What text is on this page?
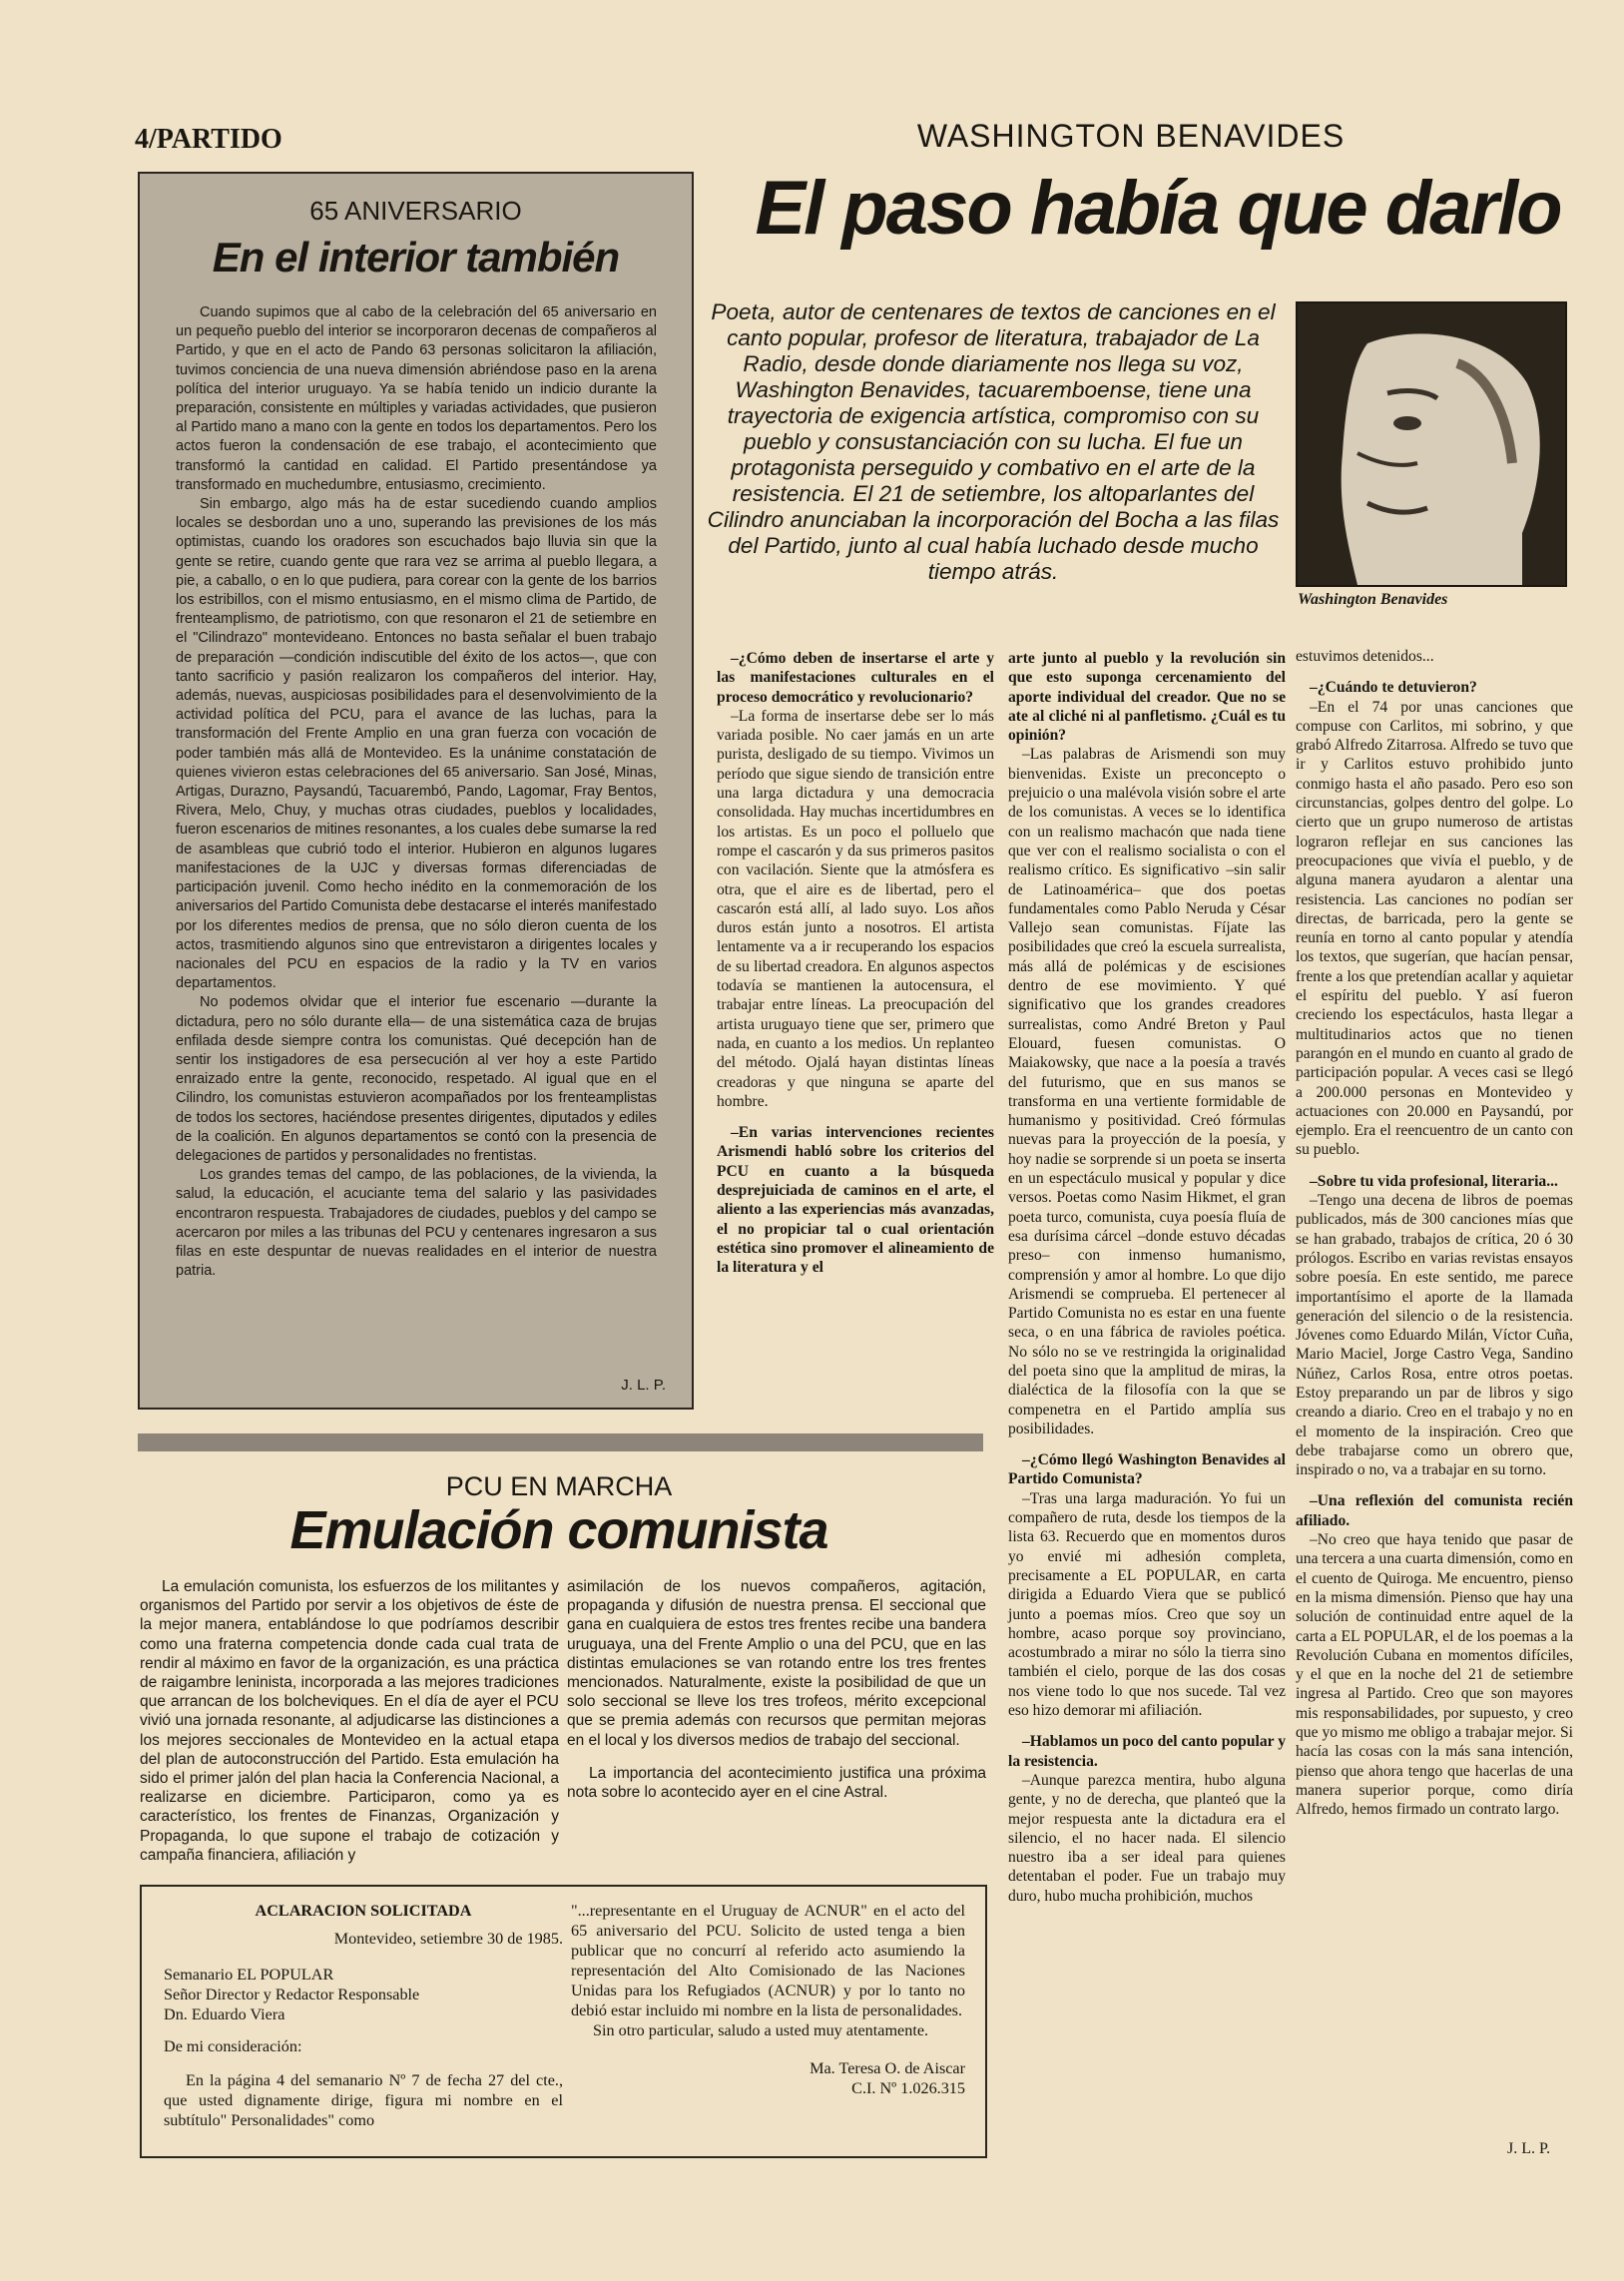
4/PARTIDO	WASHINGTON BENAVIDES
El paso había que darlo
Poeta, autor de centenares de textos de canciones en el canto popular, profesor de literatura, trabajador de La Radio, desde donde diariamente nos llega su voz, Washington Benavides, tacuaremboense, tiene una trayectoria de exigencia artística, compromiso con su pueblo y consustanciación con su lucha. El fue un protagonista perseguido y combativo en el arte de la resistencia. El 21 de setiembre, los altoparlantes del Cilindro anunciaban la incorporación del Bocha a las filas del Partido, junto al cual había luchado desde mucho tiempo atrás.
Washington Benavides
65 ANIVERSARIO
En el interior también

Cuando supimos que al cabo de la celebración del 65 aniversario en un pequeño pueblo del interior se incorporaron decenas de compañeros al Partido, y que en el acto de Pando 63 personas solicitaron la afiliación, tuvimos conciencia de una nueva dimensión abriéndose paso en la arena política del interior uruguayo. Ya se había tenido un indicio durante la preparación, consistente en múltiples y variadas actividades, que pusieron al Partido mano a mano con la gente en todos los departamentos. Pero los actos fueron la condensación de ese trabajo, el acontecimiento que transformó la cantidad en calidad. El Partido presentándose ya transformado en muchedumbre, entusiasmo, crecimiento.

Sin embargo, algo más ha de estar sucediendo cuando amplios locales se desbordan uno a uno, superando las previsiones de los más optimistas, cuando los oradores son escuchados bajo lluvia sin que la gente se retire, cuando gente que rara vez se arrima al pueblo llegara, a pie, a caballo, o en lo que pudiera, para corear con la gente de los barrios los estribillos, con el mismo entusiasmo, en el mismo clima de Partido, de frenteamplismo, de patriotismo, con que resonaron el 21 de setiembre en el "Cilindrazo" montevideano. Entonces no basta señalar el buen trabajo de preparación —condición indiscutible del éxito de los actos—, que con tanto sacrificio y pasión realizaron los compañeros del interior. Hay, además, nuevas, auspiciosas posibilidades para el desenvolvimiento de la actividad política del PCU, para el avance de las luchas, para la transformación del Frente Amplio en una gran fuerza con vocación de poder también más allá de Montevideo. Es la unánime constatación de quienes vivieron estas celebraciones del 65 aniversario. San José, Minas, Artigas, Durazno, Paysandú, Tacuarembó, Pando, Lagomar, Fray Bentos, Rivera, Melo, Chuy, y muchas otras ciudades, pueblos y localidades, fueron escenarios de mitines resonantes, a los cuales debe sumarse la red de asambleas que cubrió todo el interior. Hubieron en algunos lugares manifestaciones de la UJC y diversas formas diferenciadas de participación juvenil. Como hecho inédito en la conmemoración de los aniversarios del Partido Comunista debe destacarse el interés manifestado por los diferentes medios de prensa, que no sólo dieron cuenta de los actos, trasmitiendo algunos sino que entrevistaron a dirigentes locales y nacionales del PCU en espacios de la radio y la TV en varios departamentos.

No podemos olvidar que el interior fue escenario —durante la dictadura, pero no sólo durante ella— de una sistemática caza de brujas enfilada desde siempre contra los comunistas. Qué decepción han de sentir los instigadores de esa persecución al ver hoy a este Partido enraizado entre la gente, reconocido, respetado. Al igual que en el Cilindro, los comunistas estuvieron acompañados por los frenteamplistas de todos los sectores, haciéndose presentes dirigentes, diputados y ediles de la coalición. En algunos departamentos se contó con la presencia de delegaciones de partidos y personalidades no frentistas.

Los grandes temas del campo, de las poblaciones, de la vivienda, la salud, la educación, el acuciante tema del salario y las pasividades encontraron respuesta. Trabajadores de ciudades, pueblos y del campo se acercaron por miles a las tribunas del PCU y centenares ingresaron a sus filas en este despuntar de nuevas realidades en el interior de nuestra patria.

J. L. P.
PCU EN MARCHA
Emulación comunista

La emulación comunista, los esfuerzos de los militantes y organismos del Partido por servir a los objetivos de éste de la mejor manera, entablándose lo que podríamos describir como una fraterna competencia donde cada cual trata de rendir al máximo en favor de la organización, es una práctica de raigambre leninista, incorporada a las mejores tradiciones que arrancan de los bolcheviques. En el día de ayer el PCU vivió una jornada resonante, al adjudicarse las distinciones a los mejores seccionales de Montevideo en la actual etapa del plan de autoconstrucción del Partido. Esta emulación ha sido el primer jalón del plan hacia la Conferencia Nacional, a realizarse en diciembre. Participaron, como ya es característico, los frentes de Finanzas, Organización y Propaganda, lo que supone el trabajo de cotización y campaña financiera, afiliación y

asimilación de los nuevos compañeros, agitación, propaganda y difusión de nuestra prensa. El seccional que gana en cualquiera de estos tres frentes recibe una bandera uruguaya, una del Frente Amplio o una del PCU, que en las distintas emulaciones se van rotando entre los tres frentes mencionados. Naturalmente, existe la posibilidad de que un solo seccional se lleve los tres trofeos, mérito excepcional que se premia además con recursos que permitan mejoras en el local y los diversos medios de trabajo del seccional.

La importancia del acontecimiento justifica una próxima nota sobre lo acontecido ayer en el cine Astral.

ACLARACION SOLICITADA

Montevideo, setiembre 30 de 1985.

Semanario EL POPULAR

Señor Director y Redactor Responsable

Dn. Eduardo Viera

De mi consideración:

En la página 4 del semanario Nº 7 de fecha 27 del cte., que usted dignamente dirige, figura mi nombre en el subtítulo" Personalidades" como

"...representante en el Uruguay de ACNUR" en el acto del 65 aniversario del PCU. Solicito de usted tenga a bien publicar que no concurrí al referido acto asumiendo la representación del Alto Comisionado de las Naciones Unidas para los Refugiados (ACNUR) y por lo tanto no debió estar incluido mi nombre en la lista de personalidades.

Sin otro particular, saludo a usted muy atentamente.

Ma. Teresa O. de Aiscar

C.I. Nº 1.026.315

–¿Cómo deben de insertarse el arte y las manifestaciones culturales en el proceso democrático y revolucionario?

–La forma de insertarse debe ser lo más variada posible. No caer jamás en un arte purista, desligado de su tiempo. Vivimos un período que sigue siendo de transición entre una larga dictadura y una democracia consolidada. Hay muchas incertidumbres en los artistas. Es un poco el polluelo que rompe el cascarón y da sus primeros pasitos con vacilación. Siente que la atmósfera es otra, que el aire es de libertad, pero el cascarón está allí, al lado suyo. Los años duros están junto a nosotros. El artista lentamente va a ir recuperando los espacios de su libertad creadora. En algunos aspectos todavía se mantienen la autocensura, el trabajar entre líneas. La preocupación del artista uruguayo tiene que ser, primero que nada, en cuanto a los medios. Un replanteo del método. Ojalá hayan distintas líneas creadoras y que ninguna se aparte del hombre.

–En varias intervenciones recientes Arismendi habló sobre los criterios del PCU en cuanto a la búsqueda desprejuiciada de caminos en el arte, el aliento a las experiencias más avanzadas, el no propiciar tal o cual orientación estética sino promover el alineamiento de la literatura y el

arte junto al pueblo y la revolución sin que esto suponga cercenamiento del aporte individual del creador. Que no se ate al cliché ni al panfletismo. ¿Cuál es tu opinión?

–Las palabras de Arismendi son muy bienvenidas. Existe un preconcepto o prejuicio o una malévola visión sobre el arte de los comunistas. A veces se lo identifica con un realismo machacón que nada tiene que ver con el realismo socialista o con el realismo crítico. Es significativo –sin salir de Latinoamérica– que dos poetas fundamentales como Pablo Neruda y César Vallejo sean comunistas. Fíjate las posibilidades que creó la escuela surrealista, más allá de polémicas y de escisiones dentro de ese movimiento. Y qué significativo que los grandes creadores surrealistas, como André Breton y Paul Elouard, fuesen comunistas. O Maiakowsky, que nace a la poesía a través del futurismo, que en sus manos se transforma en una vertiente formidable de humanismo y positividad. Creó fórmulas nuevas para la proyección de la poesía, y hoy nadie se sorprende si un poeta se inserta en un espectáculo musical y popular y dice versos. Poetas como Nasim Hikmet, el gran poeta turco, comunista, cuya poesía fluía de esa durísima cárcel –donde estuvo décadas preso– con inmenso humanismo, comprensión y amor al hombre. Lo que dijo Arismendi se comprueba. El pertenecer al Partido Comunista no es estar en una fuente seca, o en una fábrica de ravioles poética. No sólo no se ve restringida la originalidad del poeta sino que la amplitud de miras, la dialéctica de la filosofía con la que se compenetra en el Partido amplía sus posibilidades.

–¿Cómo llegó Washington Benavides al Partido Comunista?

–Tras una larga maduración. Yo fui un compañero de ruta, desde los tiempos de la lista 63. Recuerdo que en momentos duros yo envié mi adhesión completa, precisamente a EL POPULAR, en carta dirigida a Eduardo Viera que se publicó junto a poemas míos. Creo que soy un hombre, acaso porque soy provinciano, acostumbrado a mirar no sólo la tierra sino también el cielo, porque de las dos cosas nos viene todo lo que nos sucede. Tal vez eso hizo demorar mi afiliación.

–Hablamos un poco del canto popular y la resistencia.

–Aunque parezca mentira, hubo alguna gente, y no de derecha, que planteó que la mejor respuesta ante la dictadura era el silencio, el no hacer nada. El silencio nuestro iba a ser ideal para quienes detentaban el poder. Fue un trabajo muy duro, hubo mucha prohibición, muchos

estuvimos detenidos...

–¿Cuándo te detuvieron?

–En el 74 por unas canciones que compuse con Carlitos, mi sobrino, y que grabó Alfredo Zitarrosa. Alfredo se tuvo que ir y Carlitos estuvo prohibido junto conmigo hasta el año pasado. Pero eso son circunstancias, golpes dentro del golpe. Lo cierto que un grupo numeroso de artistas lograron reflejar en sus canciones las preocupaciones que vivía el pueblo, y de alguna manera ayudaron a alentar una resistencia. Las canciones no podían ser directas, de barricada, pero la gente se reunía en torno al canto popular y atendía los textos, que sugerían, que hacían pensar, frente a los que pretendían acallar y aquietar el espíritu del pueblo. Y así fueron creciendo los espectáculos, hasta llegar a multitudinarios actos que no tienen parangón en el mundo en cuanto al grado de participación popular. A veces casi se llegó a 200.000 personas en Montevideo y actuaciones con 20.000 en Paysandú, por ejemplo. Era el reencuentro de un canto con su pueblo.

–Sobre tu vida profesional, literaria...

–Tengo una decena de libros de poemas publicados, más de 300 canciones mías que se han grabado, trabajos de crítica, 20 ó 30 prólogos. Escribo en varias revistas ensayos sobre poesía. En este sentido, me parece importantísimo el aporte de la llamada generación del silencio o de la resistencia. Jóvenes como Eduardo Milán, Víctor Cuña, Mario Maciel, Jorge Castro Vega, Sandino Núñez, Carlos Rosa, entre otros poetas. Estoy preparando un par de libros y sigo creando a diario. Creo en el trabajo y no en el momento de la inspiración. Creo que debe trabajarse como un obrero que, inspirado o no, va a trabajar en su torno.

–Una reflexión del comunista recién afiliado.

–No creo que haya tenido que pasar de una tercera a una cuarta dimensión, como en el cuento de Quiroga. Me encuentro, pienso en la misma dimensión. Pienso que hay una solución de continuidad entre aquel de la carta a EL POPULAR, el de los poemas a la Revolución Cubana en momentos difíciles, y el que en la noche del 21 de setiembre ingresa al Partido. Creo que son mayores mis responsabilidades, por supuesto, y creo que yo mismo me obligo a trabajar mejor. Si hacía las cosas con la más sana intención, pienso que ahora tengo que hacerlas de una manera superior porque, como diría Alfredo, hemos firmado un contrato largo.

J. L. P.
